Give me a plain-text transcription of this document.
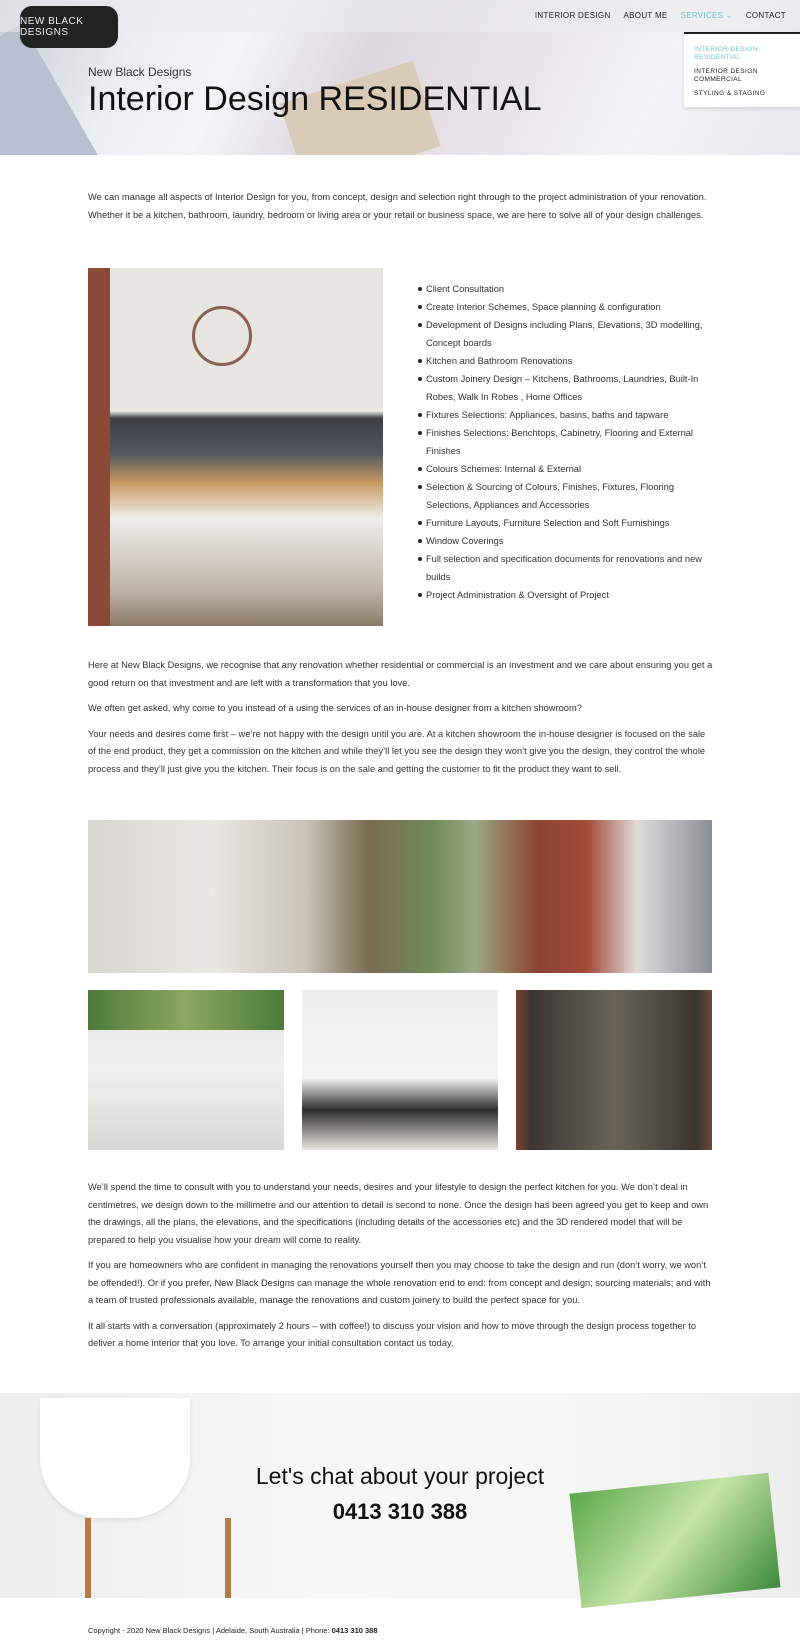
NEW BLACK DESIGNS
INTERIOR DESIGN ABOUT ME SERVICES ⌄ CONTACT
INTERIOR DESIGN RESIDENTIAL
INTERIOR DESIGN COMMERCIAL
STYLING & STAGING
New Black Designs
Interior Design RESIDENTIAL
We can manage all aspects of Interior Design for you, from concept, design and selection right through to the project administration of your renovation. Whether it be a kitchen, bathroom, laundry, bedroom or living area or your retail or business space, we are here to solve all of your design challenges.
Client Consultation
Create Interior Schemes, Space planning & configuration
Development of Designs including Plans, Elevations, 3D modelling, Concept boards
Kitchen and Bathroom Renovations
Custom Joinery Design – Kitchens, Bathrooms, Laundries, Built-In Robes, Walk In Robes , Home Offices
Fixtures Selections: Appliances, basins, baths and tapware
Finishes Selections: Benchtops, Cabinetry, Flooring and External Finishes
Colours Schemes: Internal & External
Selection & Sourcing of Colours, Finishes, Fixtures, Flooring Selections, Appliances and Accessories
Furniture Layouts, Furniture Selection and Soft Furnishings
Window Coverings
Full selection and specification documents for renovations and new builds
Project Administration & Oversight of Project

Here at New Black Designs, we recognise that any renovation whether residential or commercial is an investment and we care about ensuring you get a good return on that investment and are left with a transformation that you love.

We often get asked, why come to you instead of a using the services of an in-house designer from a kitchen showroom?

Your needs and desires come first – we’re not happy with the design until you are. At a kitchen showroom the in-house designer is focused on the sale of the end product, they get a commission on the kitchen and while they’ll let you see the design they won’t give you the design, they control the whole process and they’ll just give you the kitchen. Their focus is on the sale and getting the customer to fit the product they want to sell.

We’ll spend the time to consult with you to understand your needs, desires and your lifestyle to design the perfect kitchen for you. We don’t deal in centimetres, we design down to the millimetre and our attention to detail is second to none. Once the design has been agreed you get to keep and own the drawings, all the plans, the elevations, and the specifications (including details of the accessories etc) and the 3D rendered model that will be prepared to help you visualise how your dream will come to reality.

If you are homeowners who are confident in managing the renovations yourself then you may choose to take the design and run (don’t worry, we won’t be offended!). Or if you prefer, New Black Designs can manage the whole renovation end to end: from concept and design; sourcing materials; and with a team of trusted professionals available, manage the renovations and custom joinery to build the perfect space for you.

It all starts with a conversation (approximately 2 hours – with coffee!) to discuss your vision and how to move through the design process together to deliver a home interior that you love. To arrange your initial consultation contact us today.

Let's chat about your project
0413 310 388
Copyright - 2020 New Black Designs | Adelaide, South Australia | Phone: 0413 310 388
